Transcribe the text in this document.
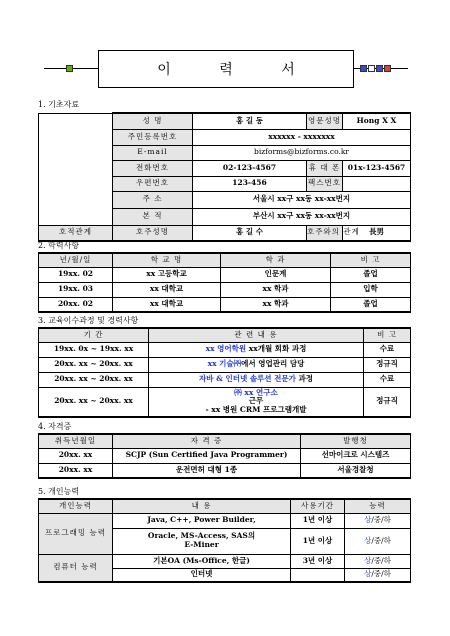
이 력 서
1. 기초자료
	성 명	홍 길 동	영문성명	Hong X X
	주민등록번호	xxxxxx - xxxxxxx		
	E-mail	bizforms@bizforms.co.kr		
	전화번호	02-123-4567	휴 대 폰	01x-123-4567
	우편번호	123-456	팩스번호	
	주 소	서울시 xx구 xx동 xx-xx번지		
	본 적	부산시 xx구 xx동 xx-xx번지		
호적관계	호주성명	홍 길 수	호주와의 관계	長男
2. 학력사항
년/월/일	학 교 명	학 과	비 고
19xx. 02	xx 고등학교	인문계	졸업
19xx. 03	xx 대학교	xx 학과	입학
20xx. 02	xx 대학교	xx 학과	졸업
3. 교육이수과정 및 경력사항
기 간	관 련 내 용	비 고
19xx. 0x ~ 19xx. xx	xx 영어학원 xx개월 회화 과정	수료
20xx. xx ~ 20xx. xx	xx 기술㈜에서 영업관리 담당	정규직
20xx. xx ~ 20xx. xx	자바 & 인터넷 솔루션 전문가 과정	수료
20xx. xx ~ 20xx. xx	㈜ xx 연구소
근무
- xx 병원 CRM 프로그램개발	정규직
4. 자격증
취득년월일	자 격 증	발행청
20xx. xx	SCJP (Sun Certified Java Programmer)	선마이크로 시스템즈
20xx. xx	운전면허 대형 1종	서울경찰청
5. 개인능력
개인능력	내 용	사용기간	능력
프로그래밍 능력	Java, C++, Power Builder,	1년 이상	상/중/하

	Oracle, MS-Access, SAS의
E-Miner	1년 이상	상/중/하
컴퓨터 능력	기본OA (Ms-Office, 한글)	3년 이상	상/중/하
	인터넷		상/중/하
